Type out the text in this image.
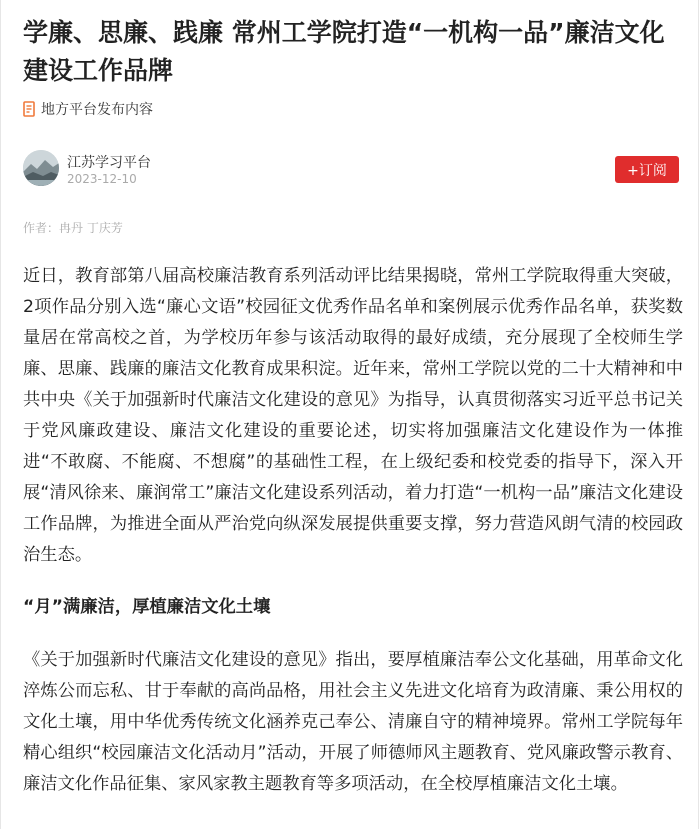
学廉、思廉、践廉 常州工学院打造“一机构一品”廉洁文化建设工作品牌
地方平台发布内容
江苏学习平台
2023-12-10
+订阅
作者：冉丹 丁庆芳

近日，教育部第八届高校廉洁教育系列活动评比结果揭晓，常州工学院取得重大突破，2项作品分别入选“廉心文语”校园征文优秀作品名单和案例展示优秀作品名单，获奖数量居在常高校之首，为学校历年参与该活动取得的最好成绩，充分展现了全校师生学廉、思廉、践廉的廉洁文化教育成果积淀。近年来，常州工学院以党的二十大精神和中共中央《关于加强新时代廉洁文化建设的意见》为指导，认真贯彻落实习近平总书记关于党风廉政建设、廉洁文化建设的重要论述，切实将加强廉洁文化建设作为一体推进“不敢腐、不能腐、不想腐”的基础性工程，在上级纪委和校党委的指导下，深入开展“清风徐来、廉润常工”廉洁文化建设系列活动，着力打造“一机构一品”廉洁文化建设工作品牌，为推进全面从严治党向纵深发展提供重要支撑，努力营造风朗气清的校园政治生态。

“月”满廉洁，厚植廉洁文化土壤

《关于加强新时代廉洁文化建设的意见》指出，要厚植廉洁奉公文化基础，用革命文化淬炼公而忘私、甘于奉献的高尚品格，用社会主义先进文化培育为政清廉、秉公用权的文化土壤，用中华优秀传统文化涵养克己奉公、清廉自守的精神境界。常州工学院每年精心组织“校园廉洁文化活动月”活动，开展了师德师风主题教育、党风廉政警示教育、廉洁文化作品征集、家风家教主题教育等多项活动，在全校厚植廉洁文化土壤。
